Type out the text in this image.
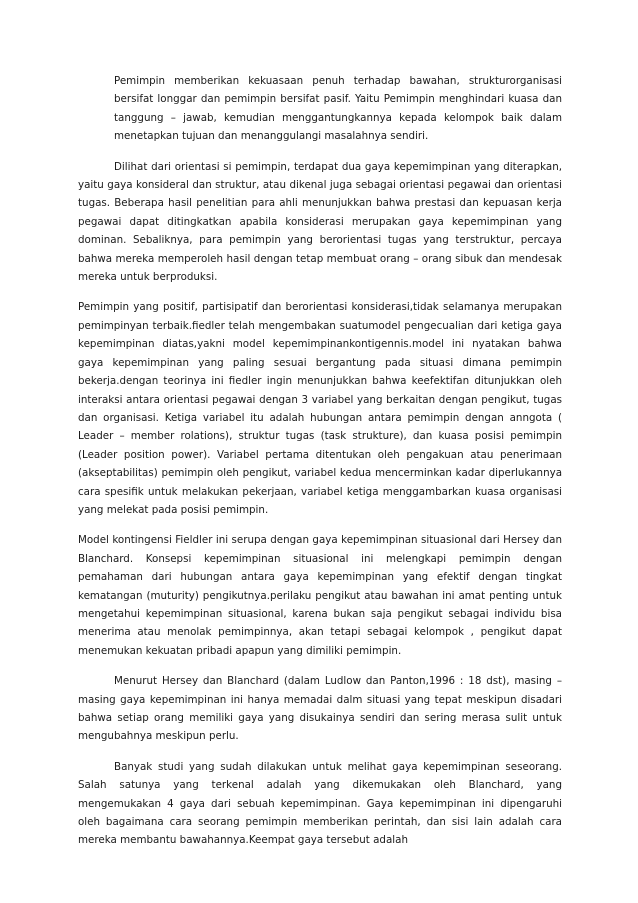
Pemimpin memberikan kekuasaan penuh terhadap bawahan, strukturorganisasi bersifat longgar dan pemimpin bersifat pasif. Yaitu Pemimpin menghindari kuasa dan tanggung – jawab, kemudian menggantungkannya kepada kelompok baik dalam menetapkan tujuan dan menanggulangi masalahnya sendiri.

Dilihat dari orientasi si pemimpin, terdapat dua gaya kepemimpinan yang diterapkan, yaitu gaya konsideral dan struktur, atau dikenal juga sebagai orientasi pegawai dan orientasi tugas. Beberapa hasil penelitian para ahli menunjukkan bahwa prestasi dan kepuasan kerja pegawai dapat ditingkatkan apabila konsiderasi merupakan gaya kepemimpinan yang dominan. Sebaliknya, para pemimpin yang berorientasi tugas yang terstruktur, percaya bahwa mereka memperoleh hasil dengan tetap membuat orang – orang sibuk dan mendesak mereka untuk berproduksi.

Pemimpin yang positif, partisipatif dan berorientasi konsiderasi,tidak selamanya merupakan pemimpinyan terbaik.fiedler telah mengembakan suatumodel pengecualian dari ketiga gaya kepemimpinan diatas,yakni model kepemimpinankontigennis.model ini nyatakan bahwa gaya kepemimpinan yang paling sesuai bergantung pada situasi dimana pemimpin bekerja.dengan teorinya ini fiedler ingin menunjukkan bahwa keefektifan ditunjukkan oleh interaksi antara orientasi pegawai dengan 3 variabel yang berkaitan dengan pengikut, tugas dan organisasi. Ketiga variabel itu adalah hubungan antara pemimpin dengan anngota ( Leader – member rolations), struktur tugas (task strukture), dan kuasa posisi pemimpin (Leader position power). Variabel pertama ditentukan oleh pengakuan atau penerimaan (akseptabilitas) pemimpin oleh pengikut, variabel kedua mencerminkan kadar diperlukannya cara spesifik untuk melakukan pekerjaan, variabel ketiga menggambarkan kuasa organisasi yang melekat pada posisi pemimpin.

Model kontingensi Fieldler ini serupa dengan gaya kepemimpinan situasional dari Hersey dan Blanchard. Konsepsi kepemimpinan situasional ini melengkapi pemimpin dengan pemahaman dari hubungan antara gaya kepemimpinan yang efektif dengan tingkat kematangan (muturity) pengikutnya.perilaku pengikut atau bawahan ini amat penting untuk mengetahui kepemimpinan situasional, karena bukan saja pengikut sebagai individu bisa menerima atau menolak pemimpinnya, akan tetapi sebagai kelompok , pengikut dapat menemukan kekuatan pribadi apapun yang dimiliki pemimpin.

Menurut Hersey dan Blanchard (dalam Ludlow dan Panton,1996 : 18 dst), masing – masing gaya kepemimpinan ini hanya memadai dalm situasi yang tepat meskipun disadari bahwa setiap orang memiliki gaya yang disukainya sendiri dan sering merasa sulit untuk mengubahnya meskipun perlu.

Banyak studi yang sudah dilakukan untuk melihat gaya kepemimpinan seseorang. Salah satunya yang terkenal adalah yang dikemukakan oleh Blanchard, yang mengemukakan 4 gaya dari sebuah kepemimpinan. Gaya kepemimpinan ini dipengaruhi oleh bagaimana cara seorang pemimpin memberikan perintah, dan sisi lain adalah cara mereka membantu bawahannya.Keempat gaya tersebut adalah
